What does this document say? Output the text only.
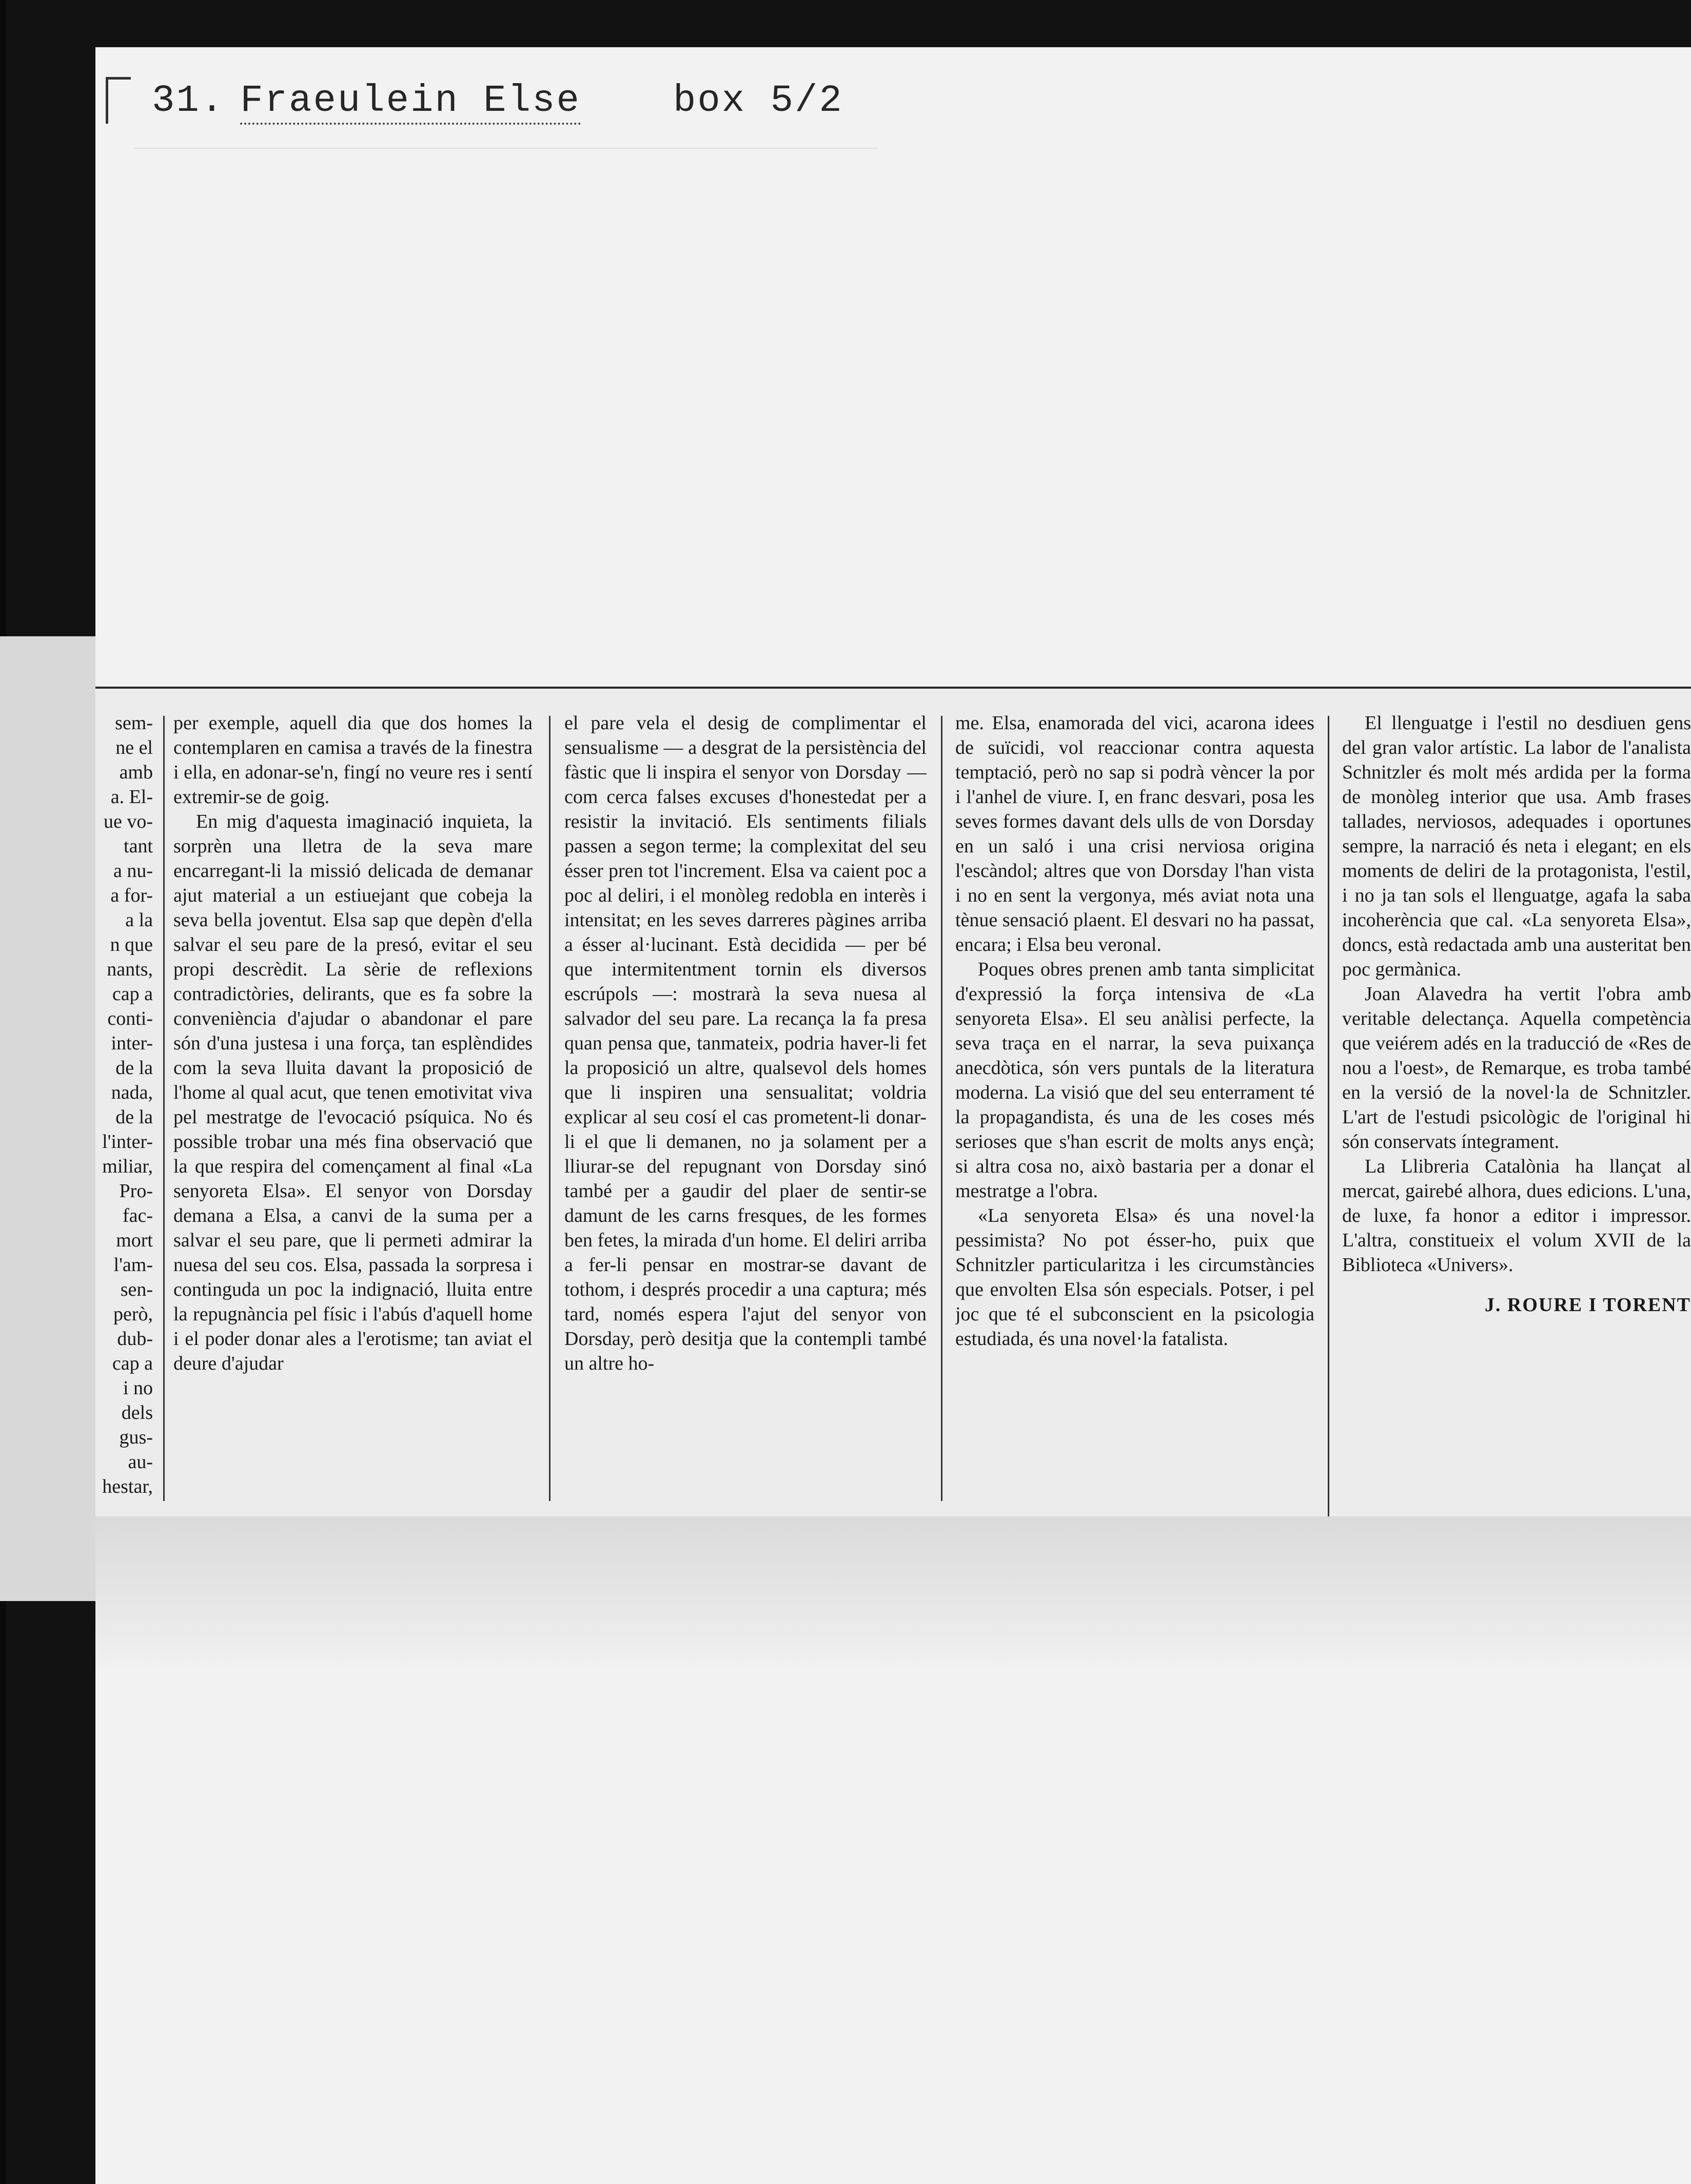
31. Fraeulein Else box 5/2
sem-
ne el
amb
a. El-
ue vo-
tant
a nu-
a for-
a la
n que
nants,
cap a
conti-
inter-
de la
nada,
de la
l'inter-
miliar,
Pro-
fac-
mort
l'am-
sen-
però,
dub-
cap a
i no
dels
gus-
au-
hestar,

per exemple, aquell dia que dos homes la contemplaren en camisa a través de la finestra i ella, en adonar-se'n, fingí no veure res i sentí extremir-se de goig.

En mig d'aquesta imaginació inquieta, la sorprèn una lletra de la seva mare encarregant-li la missió delicada de demanar ajut material a un estiuejant que cobeja la seva bella joventut. Elsa sap que depèn d'ella salvar el seu pare de la presó, evitar el seu propi descrèdit. La sèrie de reflexions contradictòries, delirants, que es fa sobre la conveniència d'ajudar o abandonar el pare són d'una justesa i una força, tan esplèndides com la seva lluita davant la proposició de l'home al qual acut, que tenen emotivitat viva pel mestratge de l'evocació psíquica. No és possible trobar una més fina observació que la que respira del començament al final «La senyoreta Elsa». El senyor von Dorsday demana a Elsa, a canvi de la suma per a salvar el seu pare, que li permeti admirar la nuesa del seu cos. Elsa, passada la sorpresa i continguda un poc la indignació, lluita entre la repugnància pel físic i l'abús d'aquell home i el poder donar ales a l'erotisme; tan aviat el deure d'ajudar

el pare vela el desig de complimentar el sensualisme — a desgrat de la persistència del fàstic que li inspira el senyor von Dorsday — com cerca falses excuses d'honestedat per a resistir la invitació. Els sentiments filials passen a segon terme; la complexitat del seu ésser pren tot l'increment. Elsa va caient poc a poc al deliri, i el monòleg redobla en interès i intensitat; en les seves darreres pàgines arriba a ésser al·lucinant. Està decidida — per bé que intermitentment tornin els diversos escrúpols —: mostrarà la seva nuesa al salvador del seu pare. La recança la fa presa quan pensa que, tanmateix, podria haver-li fet la proposició un altre, qualsevol dels homes que li inspiren una sensualitat; voldria explicar al seu cosí el cas prometent-li donar-li el que li demanen, no ja solament per a lliurar-se del repugnant von Dorsday sinó també per a gaudir del plaer de sentir-se damunt de les carns fresques, de les formes ben fetes, la mirada d'un home. El deliri arriba a fer-li pensar en mostrar-se davant de tothom, i després procedir a una captura; més tard, només espera l'ajut del senyor von Dorsday, però desitja que la contempli també un altre ho-

me. Elsa, enamorada del vici, acarona idees de suïcidi, vol reaccionar contra aquesta temptació, però no sap si podrà vèncer la por i l'anhel de viure. I, en franc desvari, posa les seves formes davant dels ulls de von Dorsday en un saló i una crisi nerviosa origina l'escàndol; altres que von Dorsday l'han vista i no en sent la vergonya, més aviat nota una tènue sensació plaent. El desvari no ha passat, encara; i Elsa beu veronal.

Poques obres prenen amb tanta simplicitat d'expressió la força intensiva de «La senyoreta Elsa». El seu anàlisi perfecte, la seva traça en el narrar, la seva puixança anecdòtica, són vers puntals de la literatura moderna. La visió que del seu enterrament té la propagandista, és una de les coses més serioses que s'han escrit de molts anys ençà; si altra cosa no, això bastaria per a donar el mestratge a l'obra.

«La senyoreta Elsa» és una novel·la pessimista? No pot ésser-ho, puix que Schnitzler particularitza i les circumstàncies que envolten Elsa són especials. Potser, i pel joc que té el subconscient en la psicologia estudiada, és una novel·la fatalista.

El llenguatge i l'estil no desdiuen gens del gran valor artístic. La labor de l'analista Schnitzler és molt més ardida per la forma de monòleg interior que usa. Amb frases tallades, nerviosos, adequades i oportunes sempre, la narració és neta i elegant; en els moments de deliri de la protagonista, l'estil, i no ja tan sols el llenguatge, agafa la saba incoherència que cal. «La senyoreta Elsa», doncs, està redactada amb una austeritat ben poc germànica.

Joan Alavedra ha vertit l'obra amb veritable delectança. Aquella competència que veiérem adés en la traducció de «Res de nou a l'oest», de Remarque, es troba també en la versió de la novel·la de Schnitzler. L'art de l'estudi psicològic de l'original hi són conservats íntegrament.

La Llibreria Catalònia ha llançat al mercat, gairebé alhora, dues edicions. L'una, de luxe, fa honor a editor i impressor. L'altra, constitueix el volum XVII de la Biblioteca «Univers».

J. ROURE I TORENT
